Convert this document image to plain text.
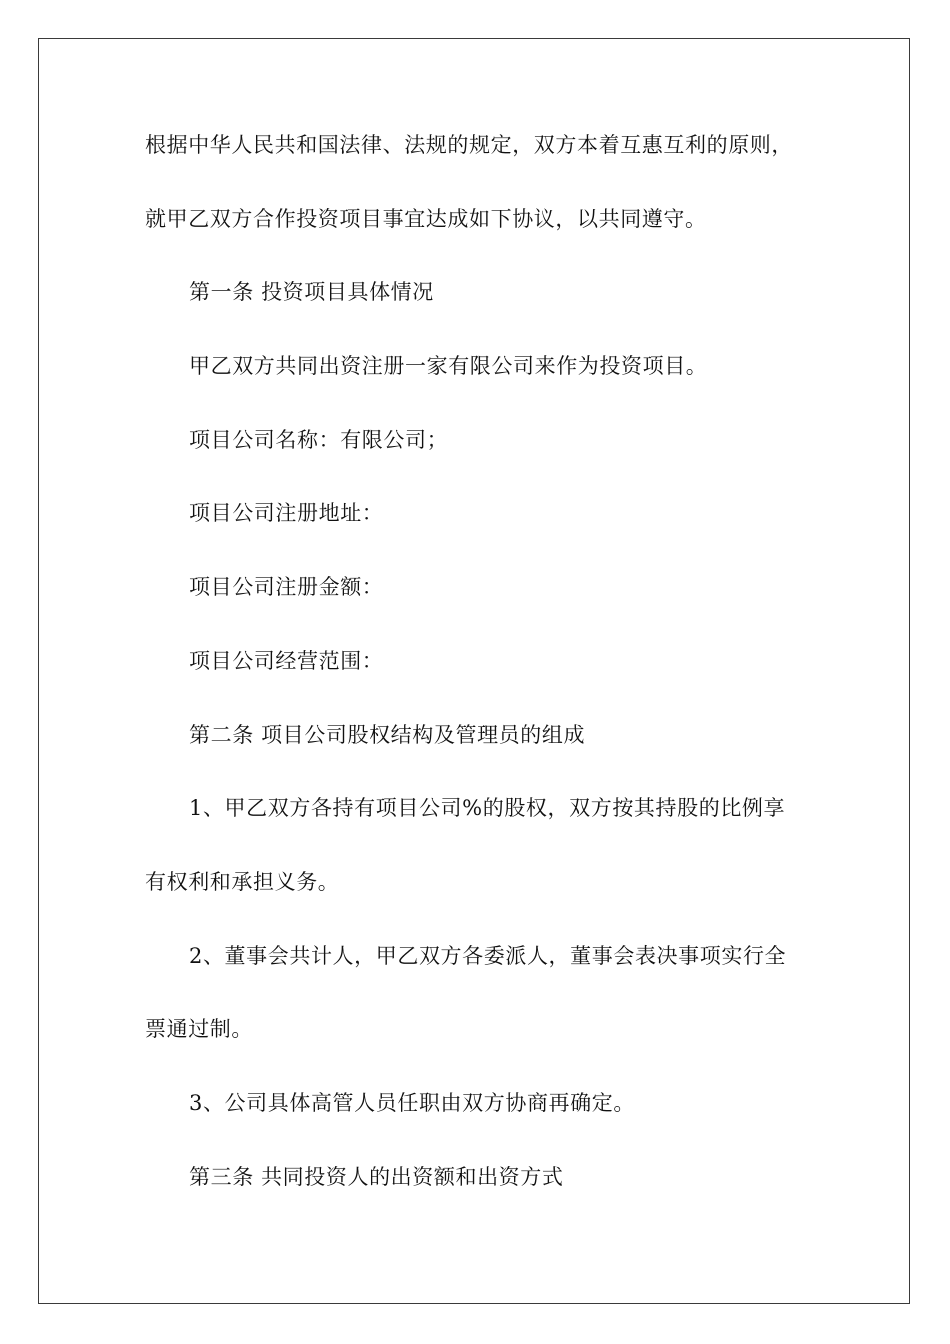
根据中华人民共和国法律、法规的规定，双方本着互惠互利的原则，

就甲乙双方合作投资项目事宜达成如下协议，以共同遵守。

第一条 投资项目具体情况

甲乙双方共同出资注册一家有限公司来作为投资项目。

项目公司名称：有限公司；

项目公司注册地址：

项目公司注册金额：

项目公司经营范围：

第二条 项目公司股权结构及管理员的组成

1、甲乙双方各持有项目公司%的股权，双方按其持股的比例享

有权利和承担义务。

2、董事会共计人，甲乙双方各委派人，董事会表决事项实行全

票通过制。

3、公司具体高管人员任职由双方协商再确定。

第三条 共同投资人的出资额和出资方式
